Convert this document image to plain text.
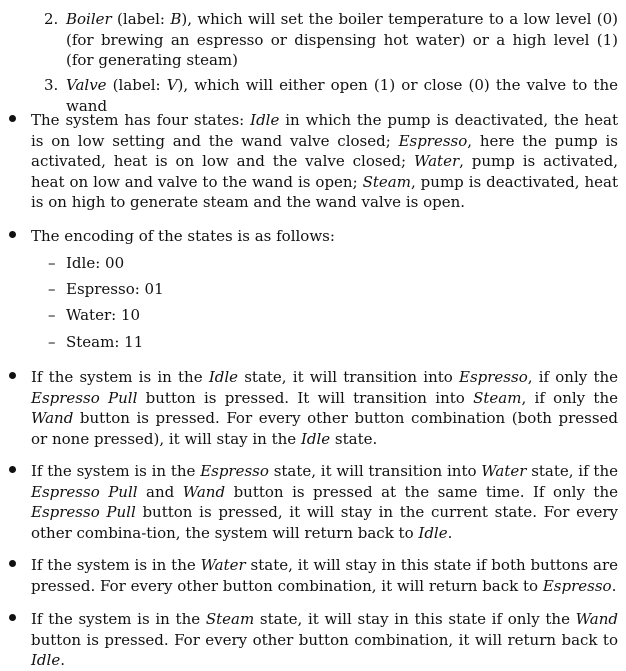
2. Boiler (label: B), which will set the boiler temperature to a low level (0) (for brewing an espresso or dispensing hot water) or a high level (1) (for generating steam)

3. Valve (label: V), which will either open (1) or close (0) the valve to the wand

The system has four states: Idle in which the pump is deactivated, the heat is on low setting and the wand valve closed; Espresso, here the pump is activated, heat is on low and the valve closed; Water, pump is activated, heat on low and valve to the wand is open; Steam, pump is deactivated, heat is on high to generate steam and the wand valve is open.

The encoding of the states is as follows:

– Idle: 00

– Espresso: 01

– Water: 10

– Steam: 11

If the system is in the Idle state, it will transition into Espresso, if only the Espresso Pull button is pressed. It will transition into Steam, if only the Wand button is pressed. For every other button combination (both pressed or none pressed), it will stay in the Idle state.

If the system is in the Espresso state, it will transition into Water state, if the Espresso Pull and Wand button is pressed at the same time. If only the Espresso Pull button is pressed, it will stay in the current state. For every other combina-tion, the system will return back to Idle.

If the system is in the Water state, it will stay in this state if both buttons are pressed. For every other button combination, it will return back to Espresso.

If the system is in the Steam state, it will stay in this state if only the Wand button is pressed. For every other button combination, it will return back to Idle.
